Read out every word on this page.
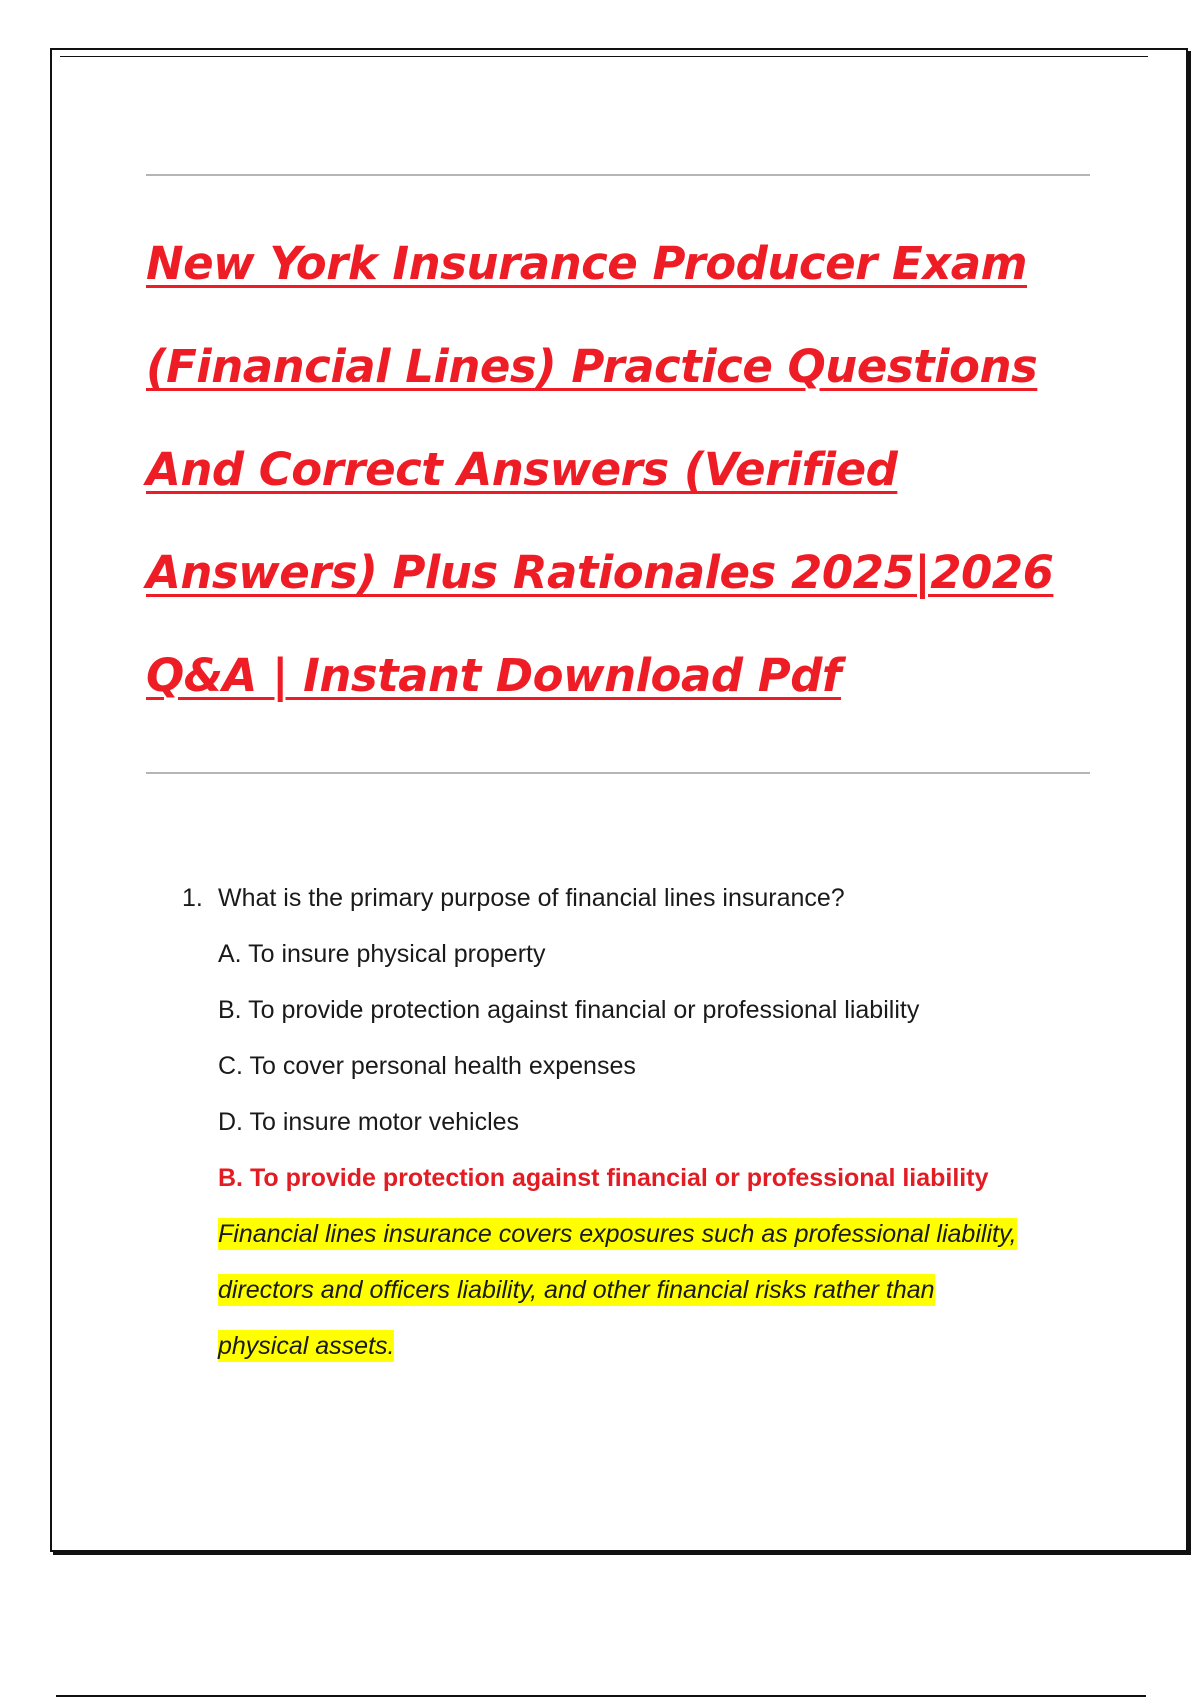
New York Insurance Producer Exam (Financial Lines) Practice Questions And Correct Answers (Verified Answers) Plus Rationales 2025|2026 Q&A | Instant Download Pdf
1. What is the primary purpose of financial lines insurance?
A. To insure physical property
B. To provide protection against financial or professional liability
C. To cover personal health expenses
D. To insure motor vehicles
B. To provide protection against financial or professional liability

Financial lines insurance covers exposures such as professional liability,
directors and officers liability, and other financial risks rather than
physical assets.
